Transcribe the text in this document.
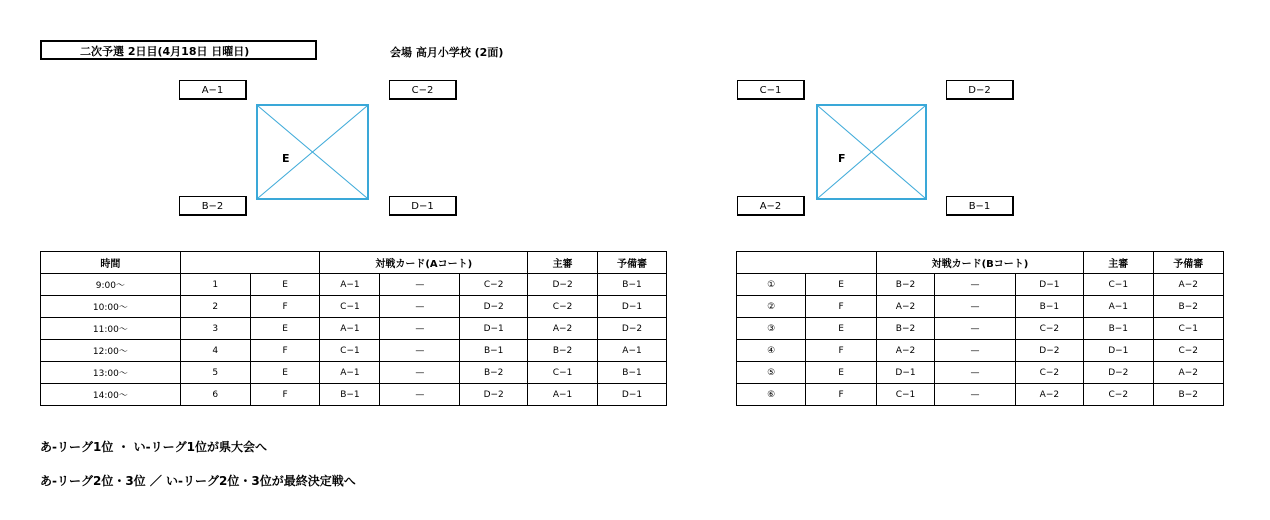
二次予選 2日目(4月18日 日曜日)	会場 高月小学校 (2面)
A−1	C−2
E
B−2	D−1
C−1	D−2
F
A−2	B−1
時間			対戦カード(Aコート)			主審	予備審
9:00～	1	E	A−1	—	C−2	D−2	B−1
10:00～	2	F	C−1	—	D−2	C−2	D−1
11:00～	3	E	A−1	—	D−1	A−2	D−2
12:00～	4	F	C−1	—	B−1	B−2	A−1
13:00～	5	E	A−1	—	B−2	C−1	B−1
14:00～	6	F	B−1	—	D−2	A−1	D−1
		対戦カード(Bコート)			主審	予備審
①	E	B−2	—	D−1	C−1	A−2
②	F	A−2	—	B−1	A−1	B−2
③	E	B−2	—	C−2	B−1	C−1
④	F	A−2	—	D−2	D−1	C−2
⑤	E	D−1	—	C−2	D−2	A−2
⑥	F	C−1	—	A−2	C−2	B−2
あ-リーグ1位 ・ い-リーグ1位が県大会へ
あ-リーグ2位・3位 ／ い-リーグ2位・3位が最終決定戦へ
